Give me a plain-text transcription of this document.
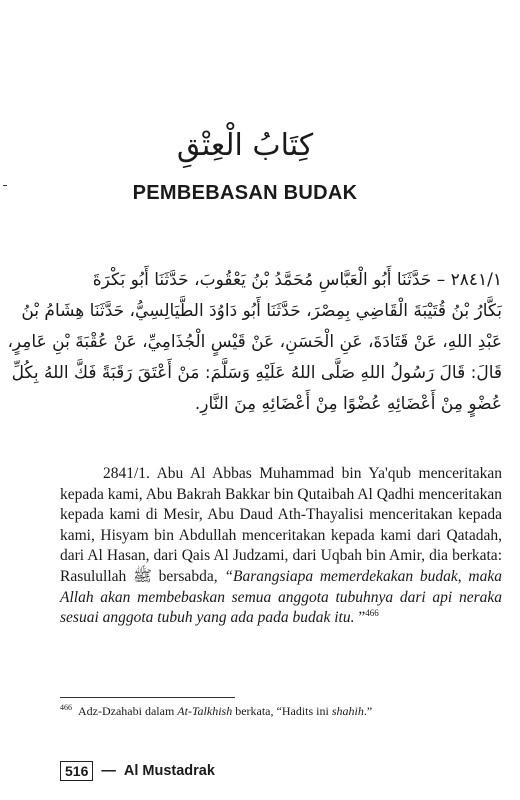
كِتَابُ الْعِتْقِ
PEMBEBASAN BUDAK
٢٨٤١/١ – حَدَّثَنَا أَبُو الْعَبَّاسِ مُحَمَّدُ بْنُ يَعْقُوبَ، حَدَّثَنَا أَبُو بَكْرَةَ
بَكَّارُ بْنُ قُتَيْبَةَ الْقَاضِي بِمِصْرَ، حَدَّثَنَا أَبُو دَاوُدَ الطَّيَالِسِيُّ، حَدَّثَنَا هِشَامُ بْنُ
عَبْدِ اللهِ، عَنْ قَتَادَةَ، عَنِ الْحَسَنِ، عَنْ قَيْسٍ الْجُذَامِيِّ، عَنْ عُقْبَةَ بْنِ عَامِرٍ،
قَالَ: قَالَ رَسُولُ اللهِ صَلَّى اللهُ عَلَيْهِ وَسَلَّمَ: مَنْ أَعْتَقَ رَقَبَةً فَكَّ اللهُ بِكُلِّ
عُضْوٍ مِنْ أَعْضَائِهِ عُضْوًا مِنْ أَعْضَائِهِ مِنَ النَّارِ.

2841/1. Abu Al Abbas Muhammad bin Ya'qub menceritakan kepada kami, Abu Bakrah Bakkar bin Qutaibah Al Qadhi menceritakan kepada kami di Mesir, Abu Daud Ath-Thayalisi menceritakan kepada kami, Hisyam bin Abdullah menceritakan kepada kami dari Qatadah, dari Al Hasan, dari Qais Al Judzami, dari Uqbah bin Amir, dia berkata: Rasulullah ﷺ bersabda, “Barangsiapa memerdekakan budak, maka Allah akan membebaskan semua anggota tubuhnya dari api neraka sesuai anggota tubuh yang ada pada budak itu. ”$^{466}$

$^{466}$ Adz-Dzahabi dalam At-Talkhish berkata, “Hadits ini shahih.”
516 — Al Mustadrak
